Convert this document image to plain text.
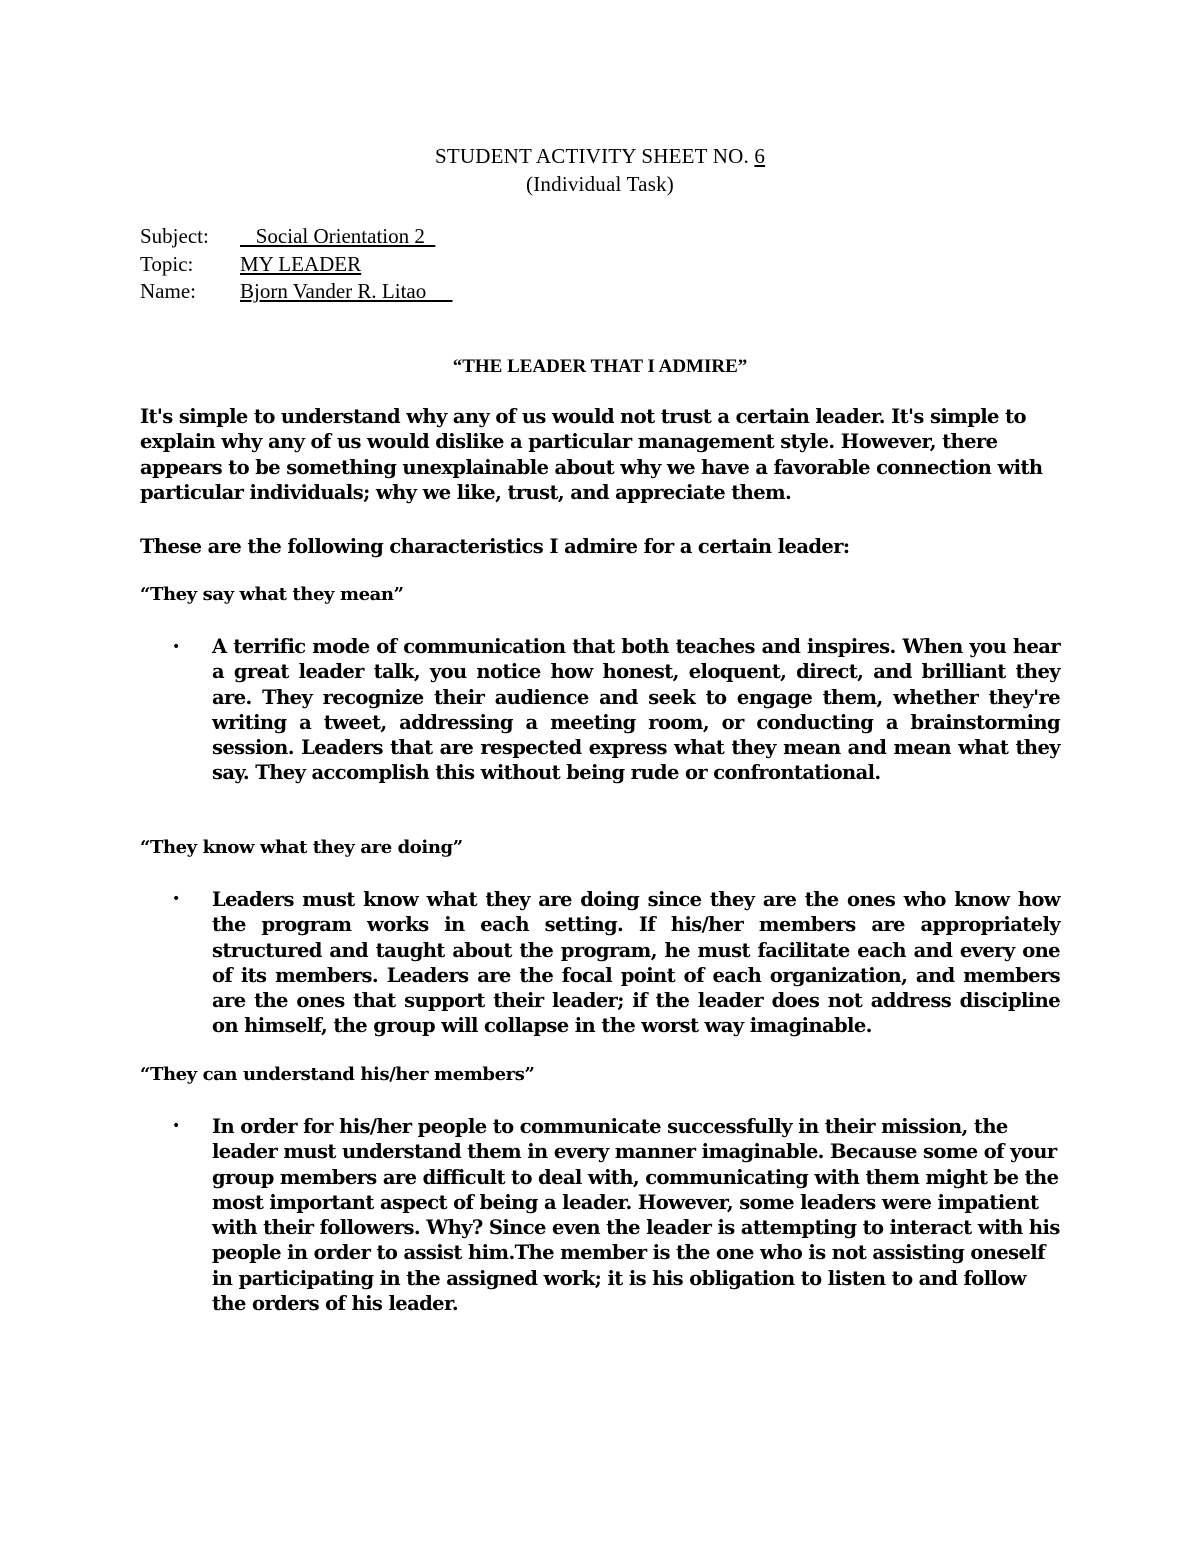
STUDENT ACTIVITY SHEET NO. 6
(Individual Task)
Subject: Social Orientation 2
Topic: MY LEADER
Name: Bjorn Vander R. Litao
“THE LEADER THAT I ADMIRE”
It's simple to understand why any of us would not trust a certain leader. It's simple to explain why any of us would dislike a particular management style. However, there appears to be something unexplainable about why we have a favorable connection with particular individuals; why we like, trust, and appreciate them.
These are the following characteristics I admire for a certain leader:
“They say what they mean”
• A terrific mode of communication that both teaches and inspires. When you hear a great leader talk, you notice how honest, eloquent, direct, and brilliant they are. They recognize their audience and seek to engage them, whether they're writing a tweet, addressing a meeting room, or conducting a brainstorming session. Leaders that are respected express what they mean and mean what they say. They accomplish this without being rude or confrontational.
“They know what they are doing”
• Leaders must know what they are doing since they are the ones who know how the program works in each setting. If his/her members are appropriately structured and taught about the program, he must facilitate each and every one of its members. Leaders are the focal point of each organization, and members are the ones that support their leader; if the leader does not address discipline on himself, the group will collapse in the worst way imaginable.
“They can understand his/her members”
• In order for his/her people to communicate successfully in their mission, the leader must understand them in every manner imaginable. Because some of your group members are difficult to deal with, communicating with them might be the most important aspect of being a leader. However, some leaders were impatient with their followers. Why? Since even the leader is attempting to interact with his people in order to assist him.The member is the one who is not assisting oneself in participating in the assigned work; it is his obligation to listen to and follow the orders of his leader.
